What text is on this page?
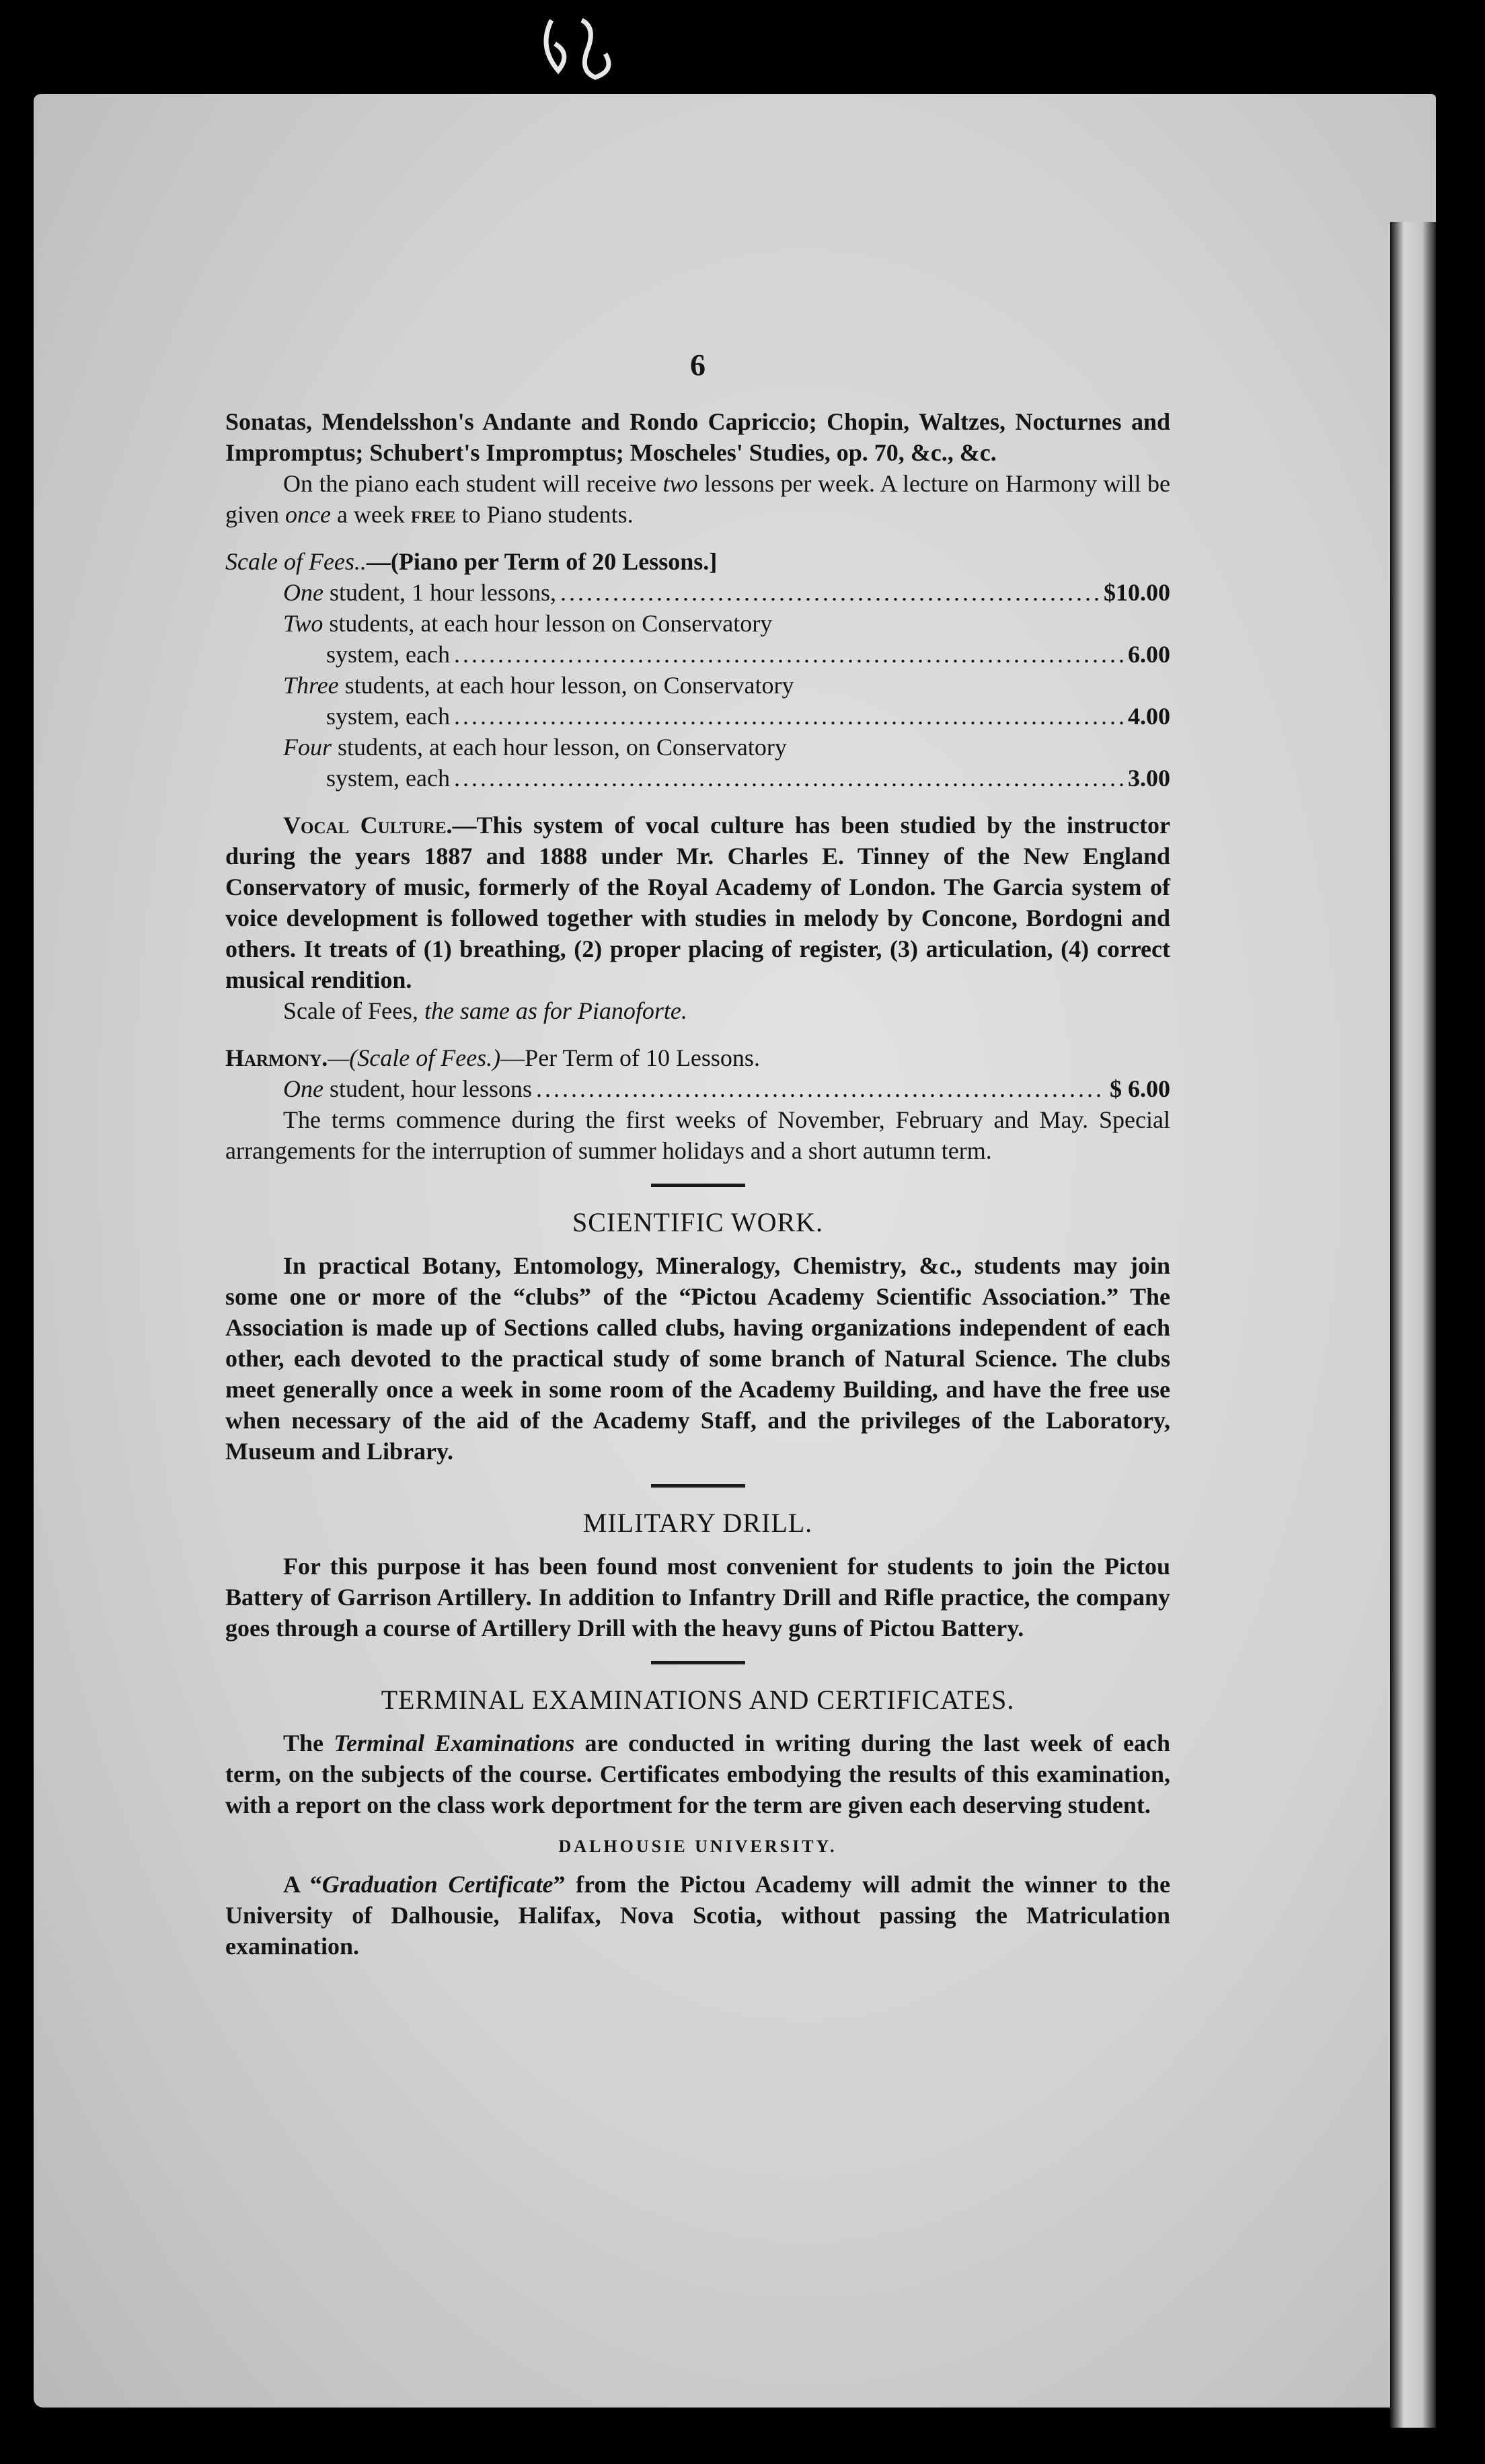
6

Sonatas, Mendelsshon's Andante and Rondo Capriccio; Chopin, Waltzes, Nocturnes and Impromptus; Schubert's Impromptus; Moscheles' Studies, op. 70, &c., &c.

On the piano each student will receive two lessons per week. A lecture on Harmony will be given once a week free to Piano students.

Scale of Fees..—(Piano per Term of 20 Lessons.]

One student, 1 hour lessons, .....	$10.00
Two students, at each hour lesson on Conservatory
system, each .....	6.00
Three students, at each hour lesson, on Conservatory
system, each .....	4.00
Four students, at each hour lesson, on Conservatory
system, each .....	3.00

Vocal Culture.—This system of vocal culture has been studied by the instructor during the years 1887 and 1888 under Mr. Charles E. Tinney of the New England Conservatory of music, formerly of the Royal Academy of London. The Garcia system of voice development is followed together with studies in melody by Concone, Bordogni and others. It treats of (1) breathing, (2) proper placing of register, (3) articulation, (4) correct musical rendition.

Scale of Fees, the same as for Pianoforte.

Harmony.—(Scale of Fees.)—Per Term of 10 Lessons.

One student, hour lessons .....	$ 6.00

The terms commence during the first weeks of November, February and May. Special arrangements for the interruption of summer holidays and a short autumn term.

SCIENTIFIC WORK.

In practical Botany, Entomology, Mineralogy, Chemistry, &c., students may join some one or more of the “clubs” of the “Pictou Academy Scientific Association.” The Association is made up of Sections called clubs, having organizations independent of each other, each devoted to the practical study of some branch of Natural Science. The clubs meet generally once a week in some room of the Academy Building, and have the free use when necessary of the aid of the Academy Staff, and the privileges of the Laboratory, Museum and Library.

MILITARY DRILL.

For this purpose it has been found most convenient for students to join the Pictou Battery of Garrison Artillery. In addition to Infantry Drill and Rifle practice, the company goes through a course of Artillery Drill with the heavy guns of Pictou Battery.

TERMINAL EXAMINATIONS AND CERTIFICATES.

The Terminal Examinations are conducted in writing during the last week of each term, on the subjects of the course. Certificates embodying the results of this examination, with a report on the class work deportment for the term are given each deserving student.

DALHOUSIE UNIVERSITY.

A “Graduation Certificate” from the Pictou Academy will admit the winner to the University of Dalhousie, Halifax, Nova Scotia, without passing the Matriculation examination.
